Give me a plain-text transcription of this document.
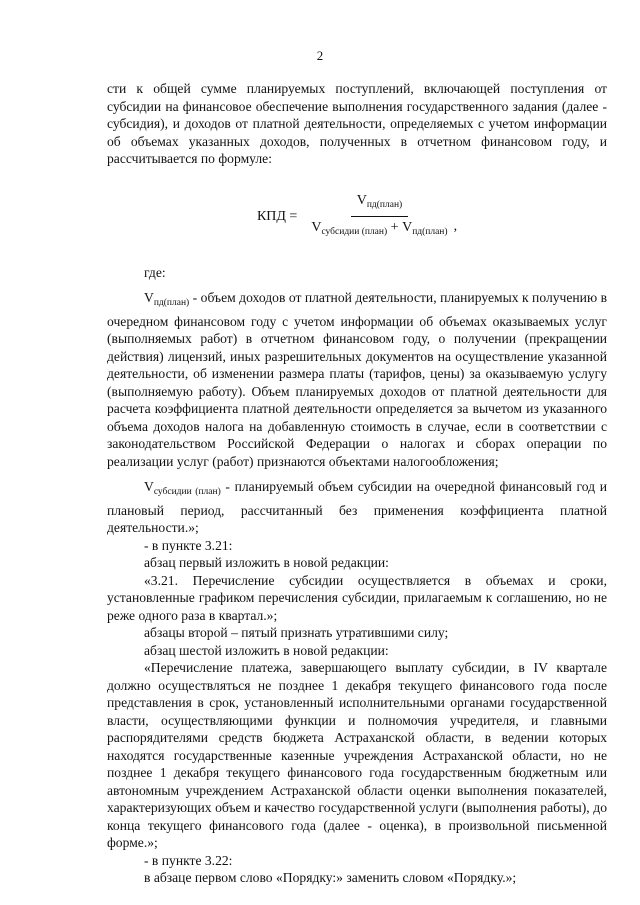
2

сти к общей сумме планируемых поступлений, включающей поступления от субсидии на финансовое обеспечение выполнения государственного задания (далее - субсидия), и доходов от платной деятельности, определяемых с учетом информации об объемах указанных доходов, полученных в отчетном финансовом году, и рассчитывается по формуле:

КПД = $\frac{V_{пд(план)}}{V_{субсидии (план)} + V_{пд(план)}}$ ,

где:

$V_{пд(план)}$ - объем доходов от платной деятельности, планируемых к получению в очередном финансовом году с учетом информации об объемах оказываемых услуг (выполняемых работ) в отчетном финансовом году, о получении (прекращении действия) лицензий, иных разрешительных документов на осуществление указанной деятельности, об изменении размера платы (тарифов, цены) за оказываемую услугу (выполняемую работу). Объем планируемых доходов от платной деятельности для расчета коэффициента платной деятельности определяется за вычетом из указанного объема доходов налога на добавленную стоимость в случае, если в соответствии с законодательством Российской Федерации о налогах и сборах операции по реализации услуг (работ) признаются объектами налогообложения;

$V_{субсидии (план)}$ - планируемый объем субсидии на очередной финансовый год и плановый период, рассчитанный без применения коэффициента платной деятельности.»;

- в пункте 3.21:

абзац первый изложить в новой редакции:

«3.21. Перечисление субсидии осуществляется в объемах и сроки, установленные графиком перечисления субсидии, прилагаемым к соглашению, но не реже одного раза в квартал.»;

абзацы второй – пятый признать утратившими силу;

абзац шестой изложить в новой редакции:

«Перечисление платежа, завершающего выплату субсидии, в IV квартале должно осуществляться не позднее 1 декабря текущего финансового года после представления в срок, установленный исполнительными органами государственной власти, осуществляющими функции и полномочия учредителя, и главными распорядителями средств бюджета Астраханской области, в ведении которых находятся государственные казенные учреждения Астраханской области, но не позднее 1 декабря текущего финансового года государственным бюджетным или автономным учреждением Астраханской области оценки выполнения показателей, характеризующих объем и качество государственной услуги (выполнения работы), до конца текущего финансового года (далее - оценка), в произвольной письменной форме.»;

- в пункте 3.22:

в абзаце первом слово «Порядку:» заменить словом «Порядку.»;
